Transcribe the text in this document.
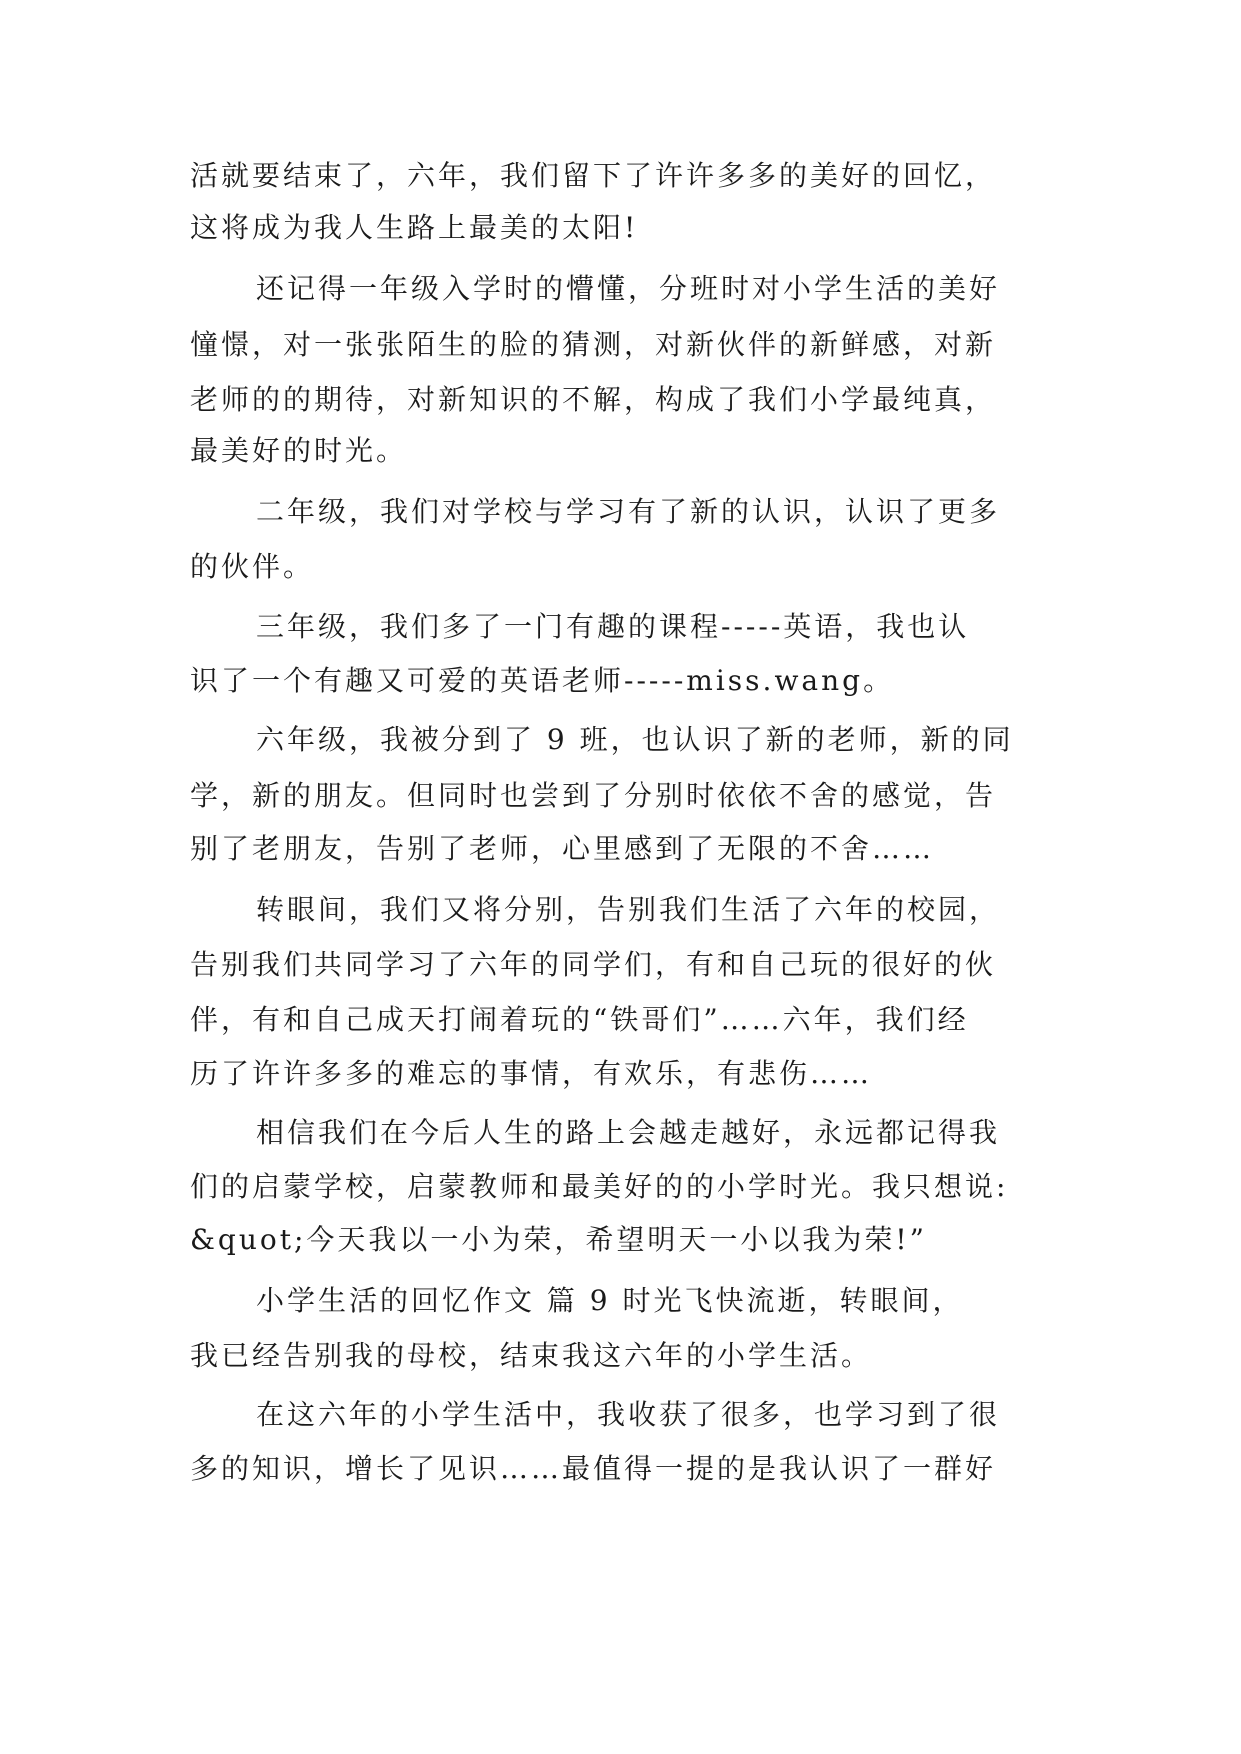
活就要结束了，六年，我们留下了许许多多的美好的回忆，
这将成为我人生路上最美的太阳!
还记得一年级入学时的懵懂，分班时对小学生活的美好
憧憬，对一张张陌生的脸的猜测，对新伙伴的新鲜感，对新
老师的的期待，对新知识的不解，构成了我们小学最纯真，
最美好的时光。
二年级，我们对学校与学习有了新的认识，认识了更多
的伙伴。
三年级，我们多了一门有趣的课程-----英语，我也认
识了一个有趣又可爱的英语老师-----miss.wang。
六年级，我被分到了 9 班，也认识了新的老师，新的同
学，新的朋友。但同时也尝到了分别时依依不舍的感觉，告
别了老朋友，告别了老师，心里感到了无限的不舍……
转眼间，我们又将分别，告别我们生活了六年的校园，
告别我们共同学习了六年的同学们，有和自己玩的很好的伙
伴，有和自己成天打闹着玩的“铁哥们”……六年，我们经
历了许许多多的难忘的事情，有欢乐，有悲伤……
相信我们在今后人生的路上会越走越好，永远都记得我
们的启蒙学校，启蒙教师和最美好的的小学时光。我只想说:
&quot;今天我以一小为荣，希望明天一小以我为荣!”
小学生活的回忆作文 篇 9 时光飞快流逝，转眼间，
我已经告别我的母校，结束我这六年的小学生活。
在这六年的小学生活中，我收获了很多，也学习到了很
多的知识，增长了见识……最值得一提的是我认识了一群好
